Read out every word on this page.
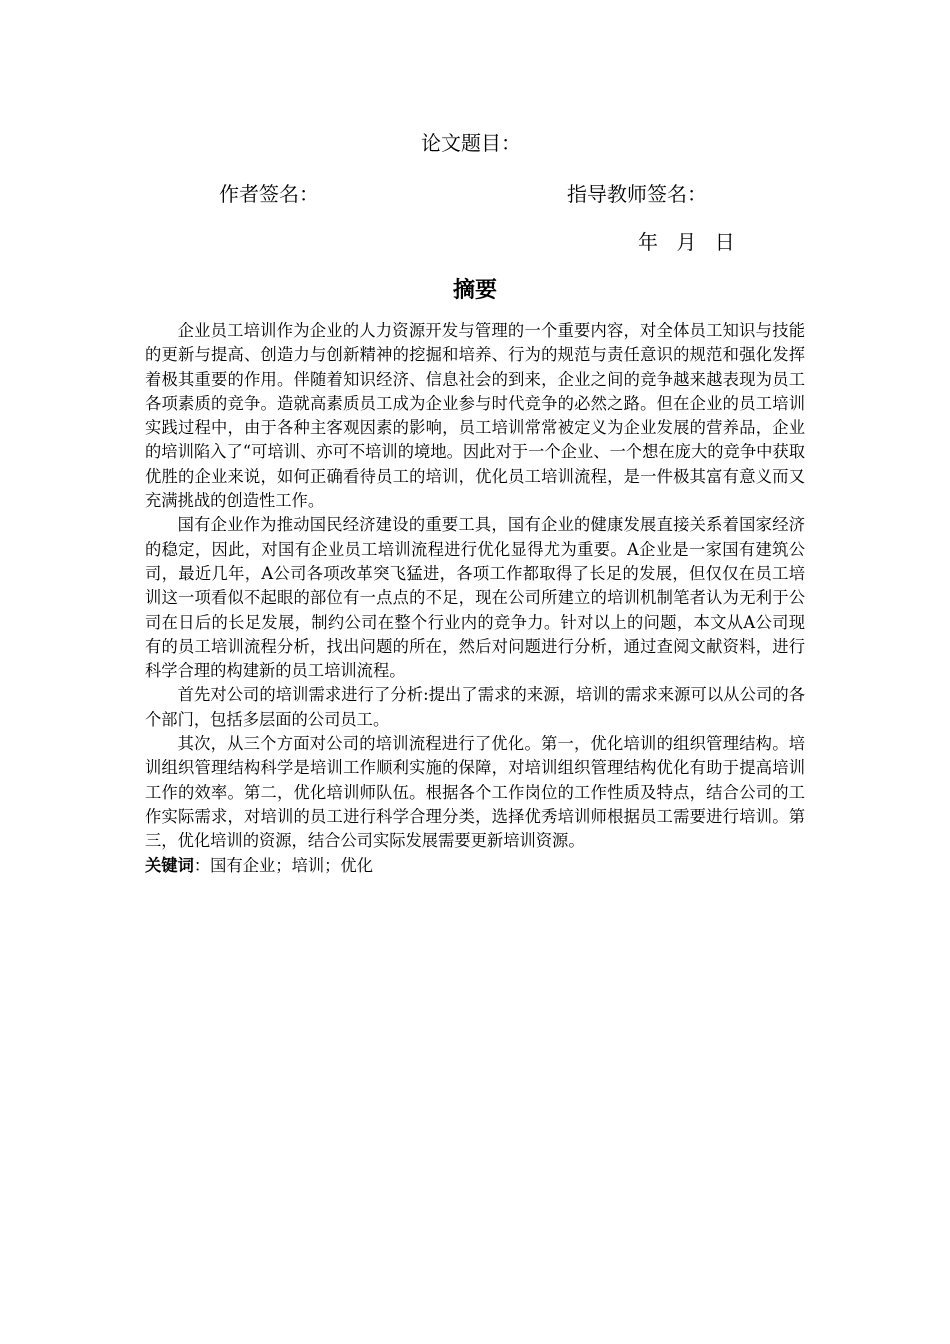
论文题目：
作者签名：	指导教师签名：
年 月 日
摘要

企业员工培训作为企业的人力资源开发与管理的一个重要内容，对全体员工知识与技能的更新与提高、创造力与创新精神的挖掘和培养、行为的规范与责任意识的规范和强化发挥着极其重要的作用。伴随着知识经济、信息社会的到来，企业之间的竞争越来越表现为员工各项素质的竞争。造就高素质员工成为企业参与时代竞争的必然之路。但在企业的员工培训实践过程中，由于各种主客观因素的影响，员工培训常常被定义为企业发展的营养品，企业的培训陷入了“可培训、亦可不培训的境地。因此对于一个企业、一个想在庞大的竞争中获取优胜的企业来说，如何正确看待员工的培训，优化员工培训流程，是一件极其富有意义而又充满挑战的创造性工作。

国有企业作为推动国民经济建设的重要工具，国有企业的健康发展直接关系着国家经济的稳定，因此，对国有企业员工培训流程进行优化显得尤为重要。A企业是一家国有建筑公司，最近几年，A公司各项改革突飞猛进，各项工作都取得了长足的发展，但仅仅在员工培训这一项看似不起眼的部位有一点点的不足，现在公司所建立的培训机制笔者认为无利于公司在日后的长足发展，制约公司在整个行业内的竞争力。针对以上的问题，本文从A公司现有的员工培训流程分析，找出问题的所在，然后对问题进行分析，通过查阅文献资料，进行科学合理的构建新的员工培训流程。

首先对公司的培训需求进行了分析:提出了需求的来源，培训的需求来源可以从公司的各个部门，包括多层面的公司员工。

其次，从三个方面对公司的培训流程进行了优化。第一，优化培训的组织管理结构。培训组织管理结构科学是培训工作顺利实施的保障，对培训组织管理结构优化有助于提高培训工作的效率。第二，优化培训师队伍。根据各个工作岗位的工作性质及特点，结合公司的工作实际需求，对培训的员工进行科学合理分类，选择优秀培训师根据员工需要进行培训。第三，优化培训的资源，结合公司实际发展需要更新培训资源。

关键词：国有企业；培训；优化
